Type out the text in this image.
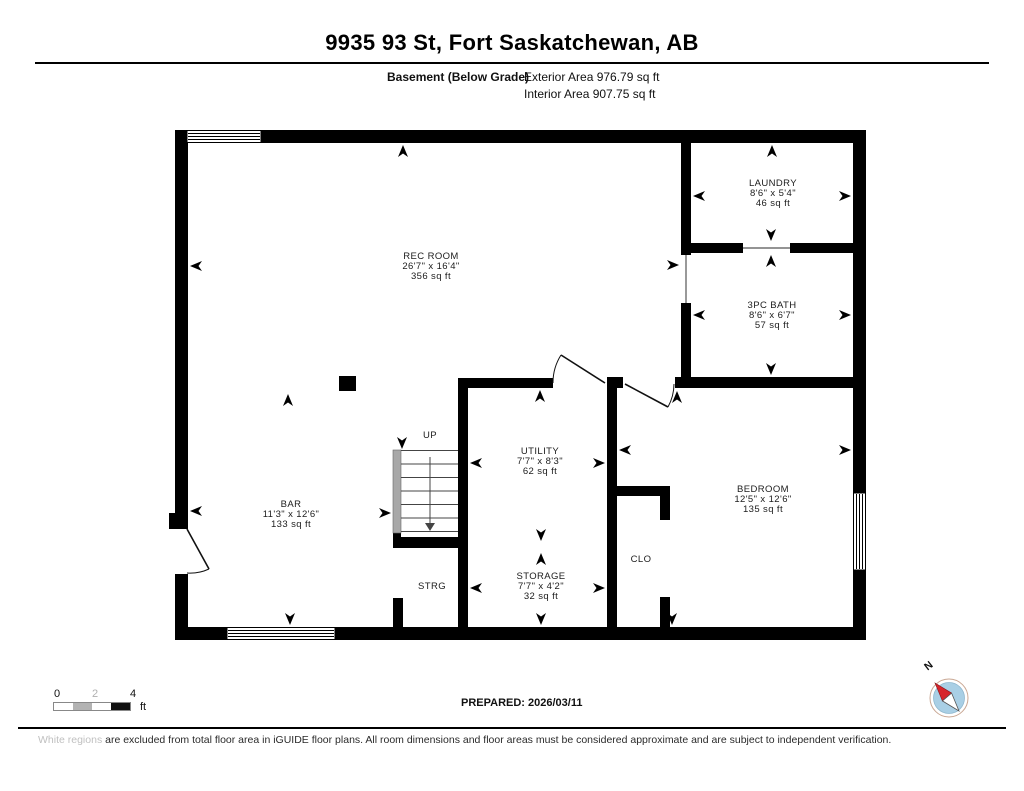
9935 93 St, Fort Saskatchewan, AB
Basement (Below Grade)
Exterior Area 976.79 sq ft
Interior Area 907.75 sq ft
REC ROOM
26'7" x 16'4"
356 sq ft
LAUNDRY
8'6" x 5'4"
46 sq ft
3PC BATH
8'6" x 6'7"
57 sq ft
BEDROOM
12'5" x 12'6"
135 sq ft
BAR
11'3" x 12'6"
133 sq ft
UTILITY
7'7" x 8'3"
62 sq ft
STORAGE
7'7" x 4'2"
32 sq ft
STRG
CLO
UP
0	2	4
ft	PREPARED: 2026/03/11
N
White regions are excluded from total floor area in iGUIDE floor plans. All room dimensions and floor areas must be considered approximate and are subject to independent verification.
